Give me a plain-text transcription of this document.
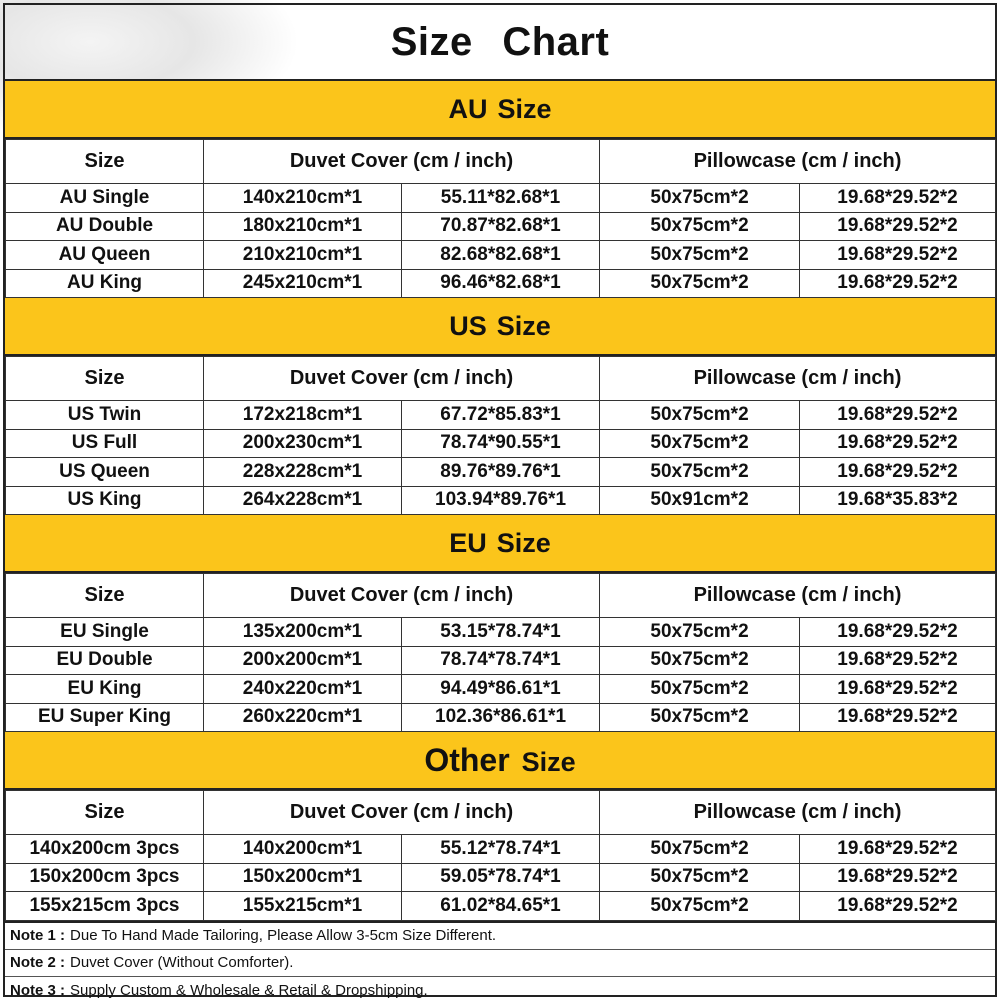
Size Chart
AU Size
Size	Duvet Cover (cm / inch)		Pillowcase (cm / inch)	
AU Single	140x210cm*1	55.11*82.68*1	50x75cm*2	19.68*29.52*2
AU Double	180x210cm*1	70.87*82.68*1	50x75cm*2	19.68*29.52*2
AU Queen	210x210cm*1	82.68*82.68*1	50x75cm*2	19.68*29.52*2
AU King	245x210cm*1	96.46*82.68*1	50x75cm*2	19.68*29.52*2
US Size
Size	Duvet Cover (cm / inch)		Pillowcase (cm / inch)	
US Twin	172x218cm*1	67.72*85.83*1	50x75cm*2	19.68*29.52*2
US Full	200x230cm*1	78.74*90.55*1	50x75cm*2	19.68*29.52*2
US Queen	228x228cm*1	89.76*89.76*1	50x75cm*2	19.68*29.52*2
US King	264x228cm*1	103.94*89.76*1	50x91cm*2	19.68*35.83*2
EU Size
Size	Duvet Cover (cm / inch)		Pillowcase (cm / inch)	
EU Single	135x200cm*1	53.15*78.74*1	50x75cm*2	19.68*29.52*2
EU Double	200x200cm*1	78.74*78.74*1	50x75cm*2	19.68*29.52*2
EU King	240x220cm*1	94.49*86.61*1	50x75cm*2	19.68*29.52*2
EU Super King	260x220cm*1	102.36*86.61*1	50x75cm*2	19.68*29.52*2
Other Size
Size	Duvet Cover (cm / inch)		Pillowcase (cm / inch)	
140x200cm 3pcs	140x200cm*1	55.12*78.74*1	50x75cm*2	19.68*29.52*2
150x200cm 3pcs	150x200cm*1	59.05*78.74*1	50x75cm*2	19.68*29.52*2
155x215cm 3pcs	155x215cm*1	61.02*84.65*1	50x75cm*2	19.68*29.52*2
Note 1 : Due To Hand Made Tailoring, Please Allow 3-5cm Size Different.
Note 2 : Duvet Cover (Without Comforter).
Note 3 : Supply Custom & Wholesale & Retail & Dropshipping.
